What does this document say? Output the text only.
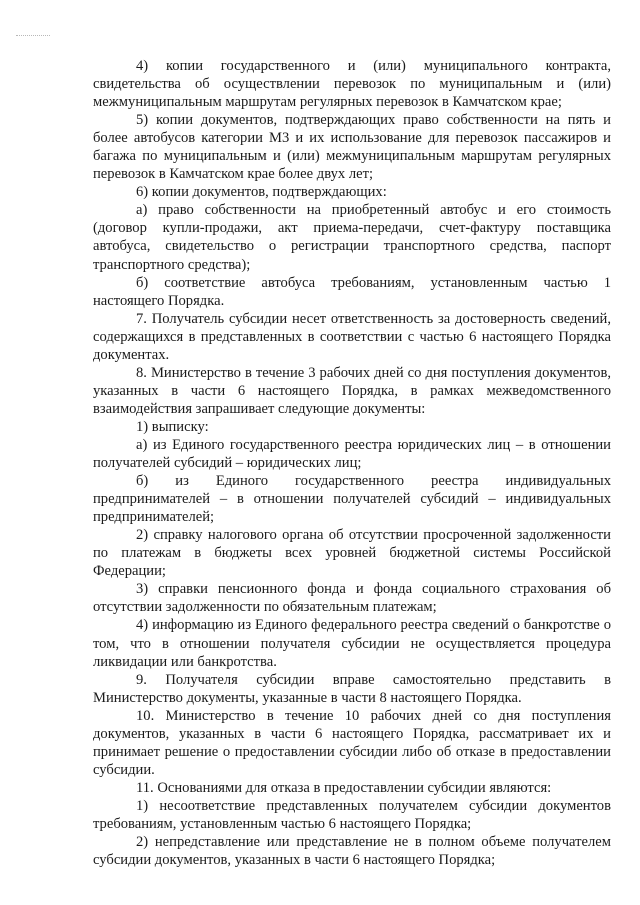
4) копии государственного и (или) муниципального контракта, свидетельства об осуществлении перевозок по муниципальным и (или) межмуниципальным маршрутам регулярных перевозок в Камчатском крае;

5) копии документов, подтверждающих право собственности на пять и более автобусов категории М3 и их использование для перевозок пассажиров и багажа по муниципальным и (или) межмуниципальным маршрутам регулярных перевозок в Камчатском крае более двух лет;

6) копии документов, подтверждающих:

а) право собственности на приобретенный автобус и его стоимость (договор купли-продажи, акт приема-передачи, счет-фактуру поставщика автобуса, свидетельство о регистрации транспортного средства, паспорт транспортного средства);

б) соответствие автобуса требованиям, установленным частью 1 настоящего Порядка.

7. Получатель субсидии несет ответственность за достоверность сведений, содержащихся в представленных в соответствии с частью 6 настоящего Порядка документах.

8. Министерство в течение 3 рабочих дней со дня поступления документов, указанных в части 6 настоящего Порядка, в рамках межведомственного взаимодействия запрашивает следующие документы:

1) выписку:

а) из Единого государственного реестра юридических лиц – в отношении получателей субсидий – юридических лиц;

б) из Единого государственного реестра индивидуальных предпринимателей – в отношении получателей субсидий – индивидуальных предпринимателей;

2) справку налогового органа об отсутствии просроченной задолженности по платежам в бюджеты всех уровней бюджетной системы Российской Федерации;

3) справки пенсионного фонда и фонда социального страхования об отсутствии задолженности по обязательным платежам;

4) информацию из Единого федерального реестра сведений о банкротстве о том, что в отношении получателя субсидии не осуществляется процедура ликвидации или банкротства.

9. Получателя субсидии вправе самостоятельно представить в Министерство документы, указанные в части 8 настоящего Порядка.

10. Министерство в течение 10 рабочих дней со дня поступления документов, указанных в части 6 настоящего Порядка, рассматривает их и принимает решение о предоставлении субсидии либо об отказе в предоставлении субсидии.

11. Основаниями для отказа в предоставлении субсидии являются:

1) несоответствие представленных получателем субсидии документов требованиям, установленным частью 6 настоящего Порядка;

2) непредставление или представление не в полном объеме получателем субсидии документов, указанных в части 6 настоящего Порядка;
